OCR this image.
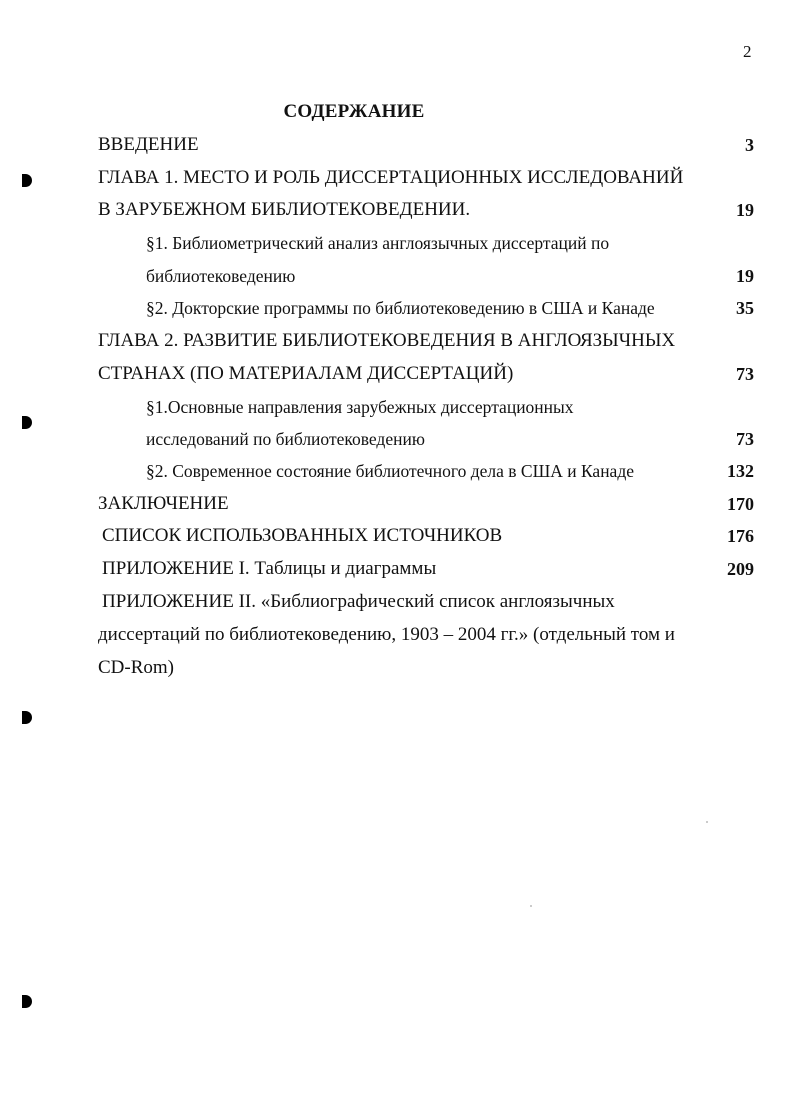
2
СОДЕРЖАНИЕ
ВВЕДЕНИЕ	3
ГЛАВА 1. МЕСТО И РОЛЬ ДИССЕРТАЦИОННЫХ ИССЛЕДОВАНИЙ
В ЗАРУБЕЖНОМ БИБЛИОТЕКОВЕДЕНИИ.	19
§1. Библиометрический анализ англоязычных диссертаций по
библиотековедению	19
§2. Докторские программы по библиотековедению в США и Канаде	35
ГЛАВА 2. РАЗВИТИЕ БИБЛИОТЕКОВЕДЕНИЯ В АНГЛОЯЗЫЧНЫХ
СТРАНАХ (ПО МАТЕРИАЛАМ ДИССЕРТАЦИЙ)	73
§1.Основные направления зарубежных диссертационных
исследований по библиотековедению	73
§2. Современное состояние библиотечного дела в США и Канаде	132
ЗАКЛЮЧЕНИЕ	170
СПИСОК ИСПОЛЬЗОВАННЫХ ИСТОЧНИКОВ	176
ПРИЛОЖЕНИЕ I. Таблицы и диаграммы	209
ПРИЛОЖЕНИЕ II. «Библиографический список англоязычных
диссертаций по библиотековедению, 1903 – 2004 гг.» (отдельный том и
CD-Rom)
